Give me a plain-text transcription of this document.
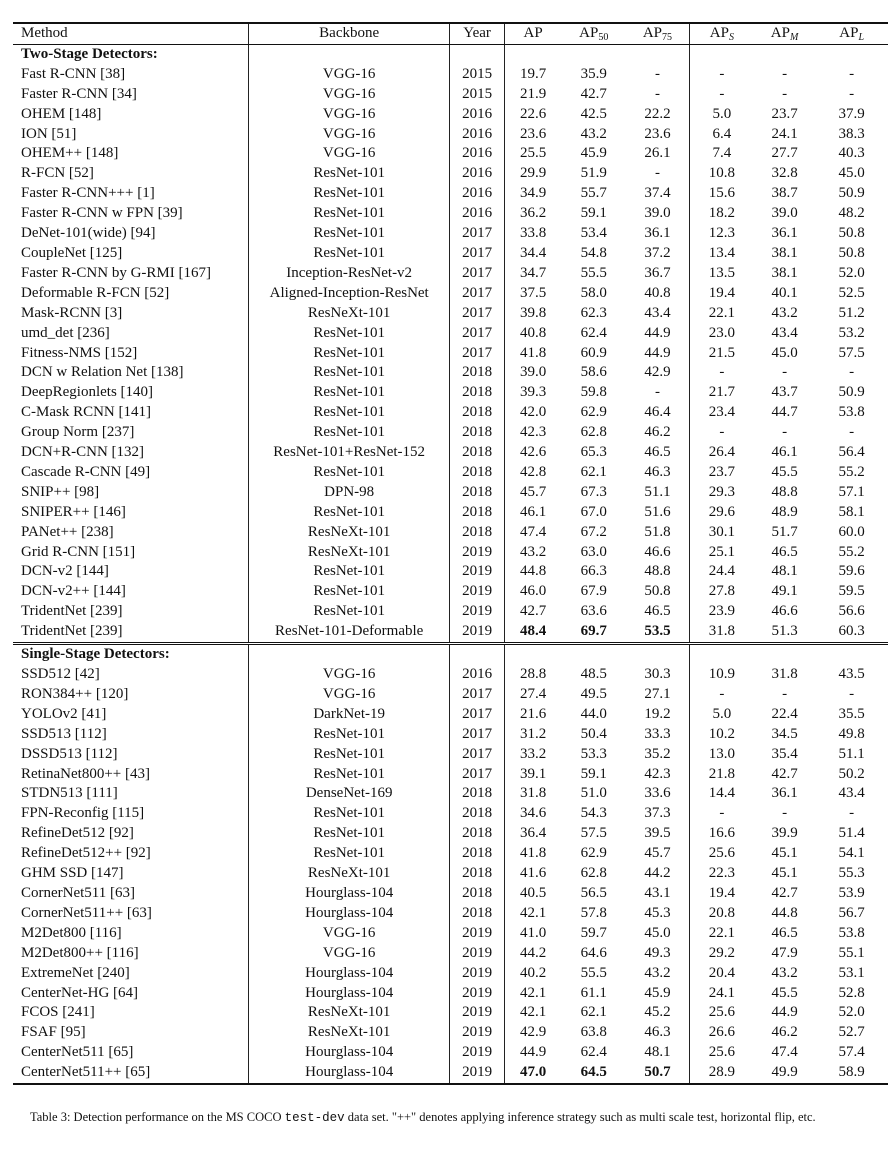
Method	Backbone	Year	AP	$AP_{50}$	$AP_{75}$	$AP_S$	$AP_M$	$AP_L$
Two-Stage Detectors:								
Fast R-CNN [38]	VGG-16	2015	19.7	35.9	-	-	-	-
Faster R-CNN [34]	VGG-16	2015	21.9	42.7	-	-	-	-
OHEM [148]	VGG-16	2016	22.6	42.5	22.2	5.0	23.7	37.9
ION [51]	VGG-16	2016	23.6	43.2	23.6	6.4	24.1	38.3
OHEM++ [148]	VGG-16	2016	25.5	45.9	26.1	7.4	27.7	40.3
R-FCN [52]	ResNet-101	2016	29.9	51.9	-	10.8	32.8	45.0
Faster R-CNN+++ [1]	ResNet-101	2016	34.9	55.7	37.4	15.6	38.7	50.9
Faster R-CNN w FPN [39]	ResNet-101	2016	36.2	59.1	39.0	18.2	39.0	48.2
DeNet-101(wide) [94]	ResNet-101	2017	33.8	53.4	36.1	12.3	36.1	50.8
CoupleNet [125]	ResNet-101	2017	34.4	54.8	37.2	13.4	38.1	50.8
Faster R-CNN by G-RMI [167]	Inception-ResNet-v2	2017	34.7	55.5	36.7	13.5	38.1	52.0
Deformable R-FCN [52]	Aligned-Inception-ResNet	2017	37.5	58.0	40.8	19.4	40.1	52.5
Mask-RCNN [3]	ResNeXt-101	2017	39.8	62.3	43.4	22.1	43.2	51.2
umd_det [236]	ResNet-101	2017	40.8	62.4	44.9	23.0	43.4	53.2
Fitness-NMS [152]	ResNet-101	2017	41.8	60.9	44.9	21.5	45.0	57.5
DCN w Relation Net [138]	ResNet-101	2018	39.0	58.6	42.9	-	-	-
DeepRegionlets [140]	ResNet-101	2018	39.3	59.8	-	21.7	43.7	50.9
C-Mask RCNN [141]	ResNet-101	2018	42.0	62.9	46.4	23.4	44.7	53.8
Group Norm [237]	ResNet-101	2018	42.3	62.8	46.2	-	-	-
DCN+R-CNN [132]	ResNet-101+ResNet-152	2018	42.6	65.3	46.5	26.4	46.1	56.4
Cascade R-CNN [49]	ResNet-101	2018	42.8	62.1	46.3	23.7	45.5	55.2
SNIP++ [98]	DPN-98	2018	45.7	67.3	51.1	29.3	48.8	57.1
SNIPER++ [146]	ResNet-101	2018	46.1	67.0	51.6	29.6	48.9	58.1
PANet++ [238]	ResNeXt-101	2018	47.4	67.2	51.8	30.1	51.7	60.0
Grid R-CNN [151]	ResNeXt-101	2019	43.2	63.0	46.6	25.1	46.5	55.2
DCN-v2 [144]	ResNet-101	2019	44.8	66.3	48.8	24.4	48.1	59.6
DCN-v2++ [144]	ResNet-101	2019	46.0	67.9	50.8	27.8	49.1	59.5
TridentNet [239]	ResNet-101	2019	42.7	63.6	46.5	23.9	46.6	56.6
TridentNet [239]	ResNet-101-Deformable	2019	48.4	69.7	53.5	31.8	51.3	60.3
Single-Stage Detectors:								
SSD512 [42]	VGG-16	2016	28.8	48.5	30.3	10.9	31.8	43.5
RON384++ [120]	VGG-16	2017	27.4	49.5	27.1	-	-	-
YOLOv2 [41]	DarkNet-19	2017	21.6	44.0	19.2	5.0	22.4	35.5
SSD513 [112]	ResNet-101	2017	31.2	50.4	33.3	10.2	34.5	49.8
DSSD513 [112]	ResNet-101	2017	33.2	53.3	35.2	13.0	35.4	51.1
RetinaNet800++ [43]	ResNet-101	2017	39.1	59.1	42.3	21.8	42.7	50.2
STDN513 [111]	DenseNet-169	2018	31.8	51.0	33.6	14.4	36.1	43.4
FPN-Reconfig [115]	ResNet-101	2018	34.6	54.3	37.3	-	-	-
RefineDet512 [92]	ResNet-101	2018	36.4	57.5	39.5	16.6	39.9	51.4
RefineDet512++ [92]	ResNet-101	2018	41.8	62.9	45.7	25.6	45.1	54.1
GHM SSD [147]	ResNeXt-101	2018	41.6	62.8	44.2	22.3	45.1	55.3
CornerNet511 [63]	Hourglass-104	2018	40.5	56.5	43.1	19.4	42.7	53.9
CornerNet511++ [63]	Hourglass-104	2018	42.1	57.8	45.3	20.8	44.8	56.7
M2Det800 [116]	VGG-16	2019	41.0	59.7	45.0	22.1	46.5	53.8
M2Det800++ [116]	VGG-16	2019	44.2	64.6	49.3	29.2	47.9	55.1
ExtremeNet [240]	Hourglass-104	2019	40.2	55.5	43.2	20.4	43.2	53.1
CenterNet-HG [64]	Hourglass-104	2019	42.1	61.1	45.9	24.1	45.5	52.8
FCOS [241]	ResNeXt-101	2019	42.1	62.1	45.2	25.6	44.9	52.0
FSAF [95]	ResNeXt-101	2019	42.9	63.8	46.3	26.6	46.2	52.7
CenterNet511 [65]	Hourglass-104	2019	44.9	62.4	48.1	25.6	47.4	57.4
CenterNet511++ [65]	Hourglass-104	2019	47.0	64.5	50.7	28.9	49.9	58.9
Table 3: Detection performance on the MS COCO test-dev data set. "++" denotes applying inference strategy such as multi scale test, horizontal flip, etc.
